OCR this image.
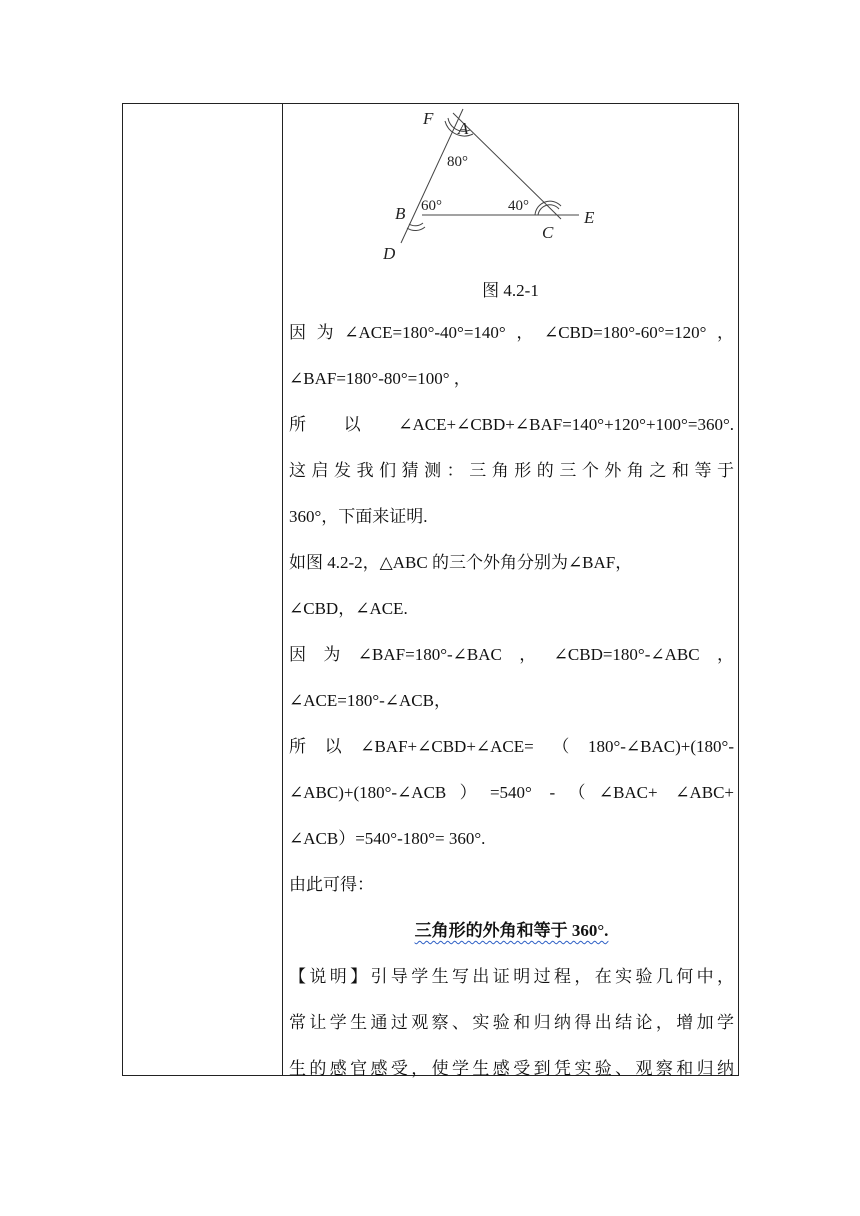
F
A
B
C
D
E
80°
60°	40°
图 4.2-1
因为∠ACE=180°-40°=140°，∠CBD=180°-60°=120°，
∠BAF=180°-80°=100° ，
所以∠ACE+∠CBD+∠BAF=140°+120°+100°=360°.
这启发我们猜测：三角形的三个外角之和等于
360°，下面来证明.
如图 4.2-2，△ABC 的三个外角分别为∠BAF，
∠CBD，∠ACE.
因为∠BAF=180°-∠BAC，∠CBD=180°-∠ABC，
∠ACE=180°-∠ACB，
所以∠BAF+∠CBD+∠ACE=（180°-∠BAC)+(180°-
∠ABC)+(180°-∠ACB）=540° -（∠BAC+ ∠ABC+
∠ACB）=540°-180°= 360°.
由此可得：
三角形的外角和等于 360°.
【说明】引导学生写出证明过程，在实验几何中，
常让学生通过观察、实验和归纳得出结论，增加学
生的感官感受，使学生感受到凭实验、观察和归纳
